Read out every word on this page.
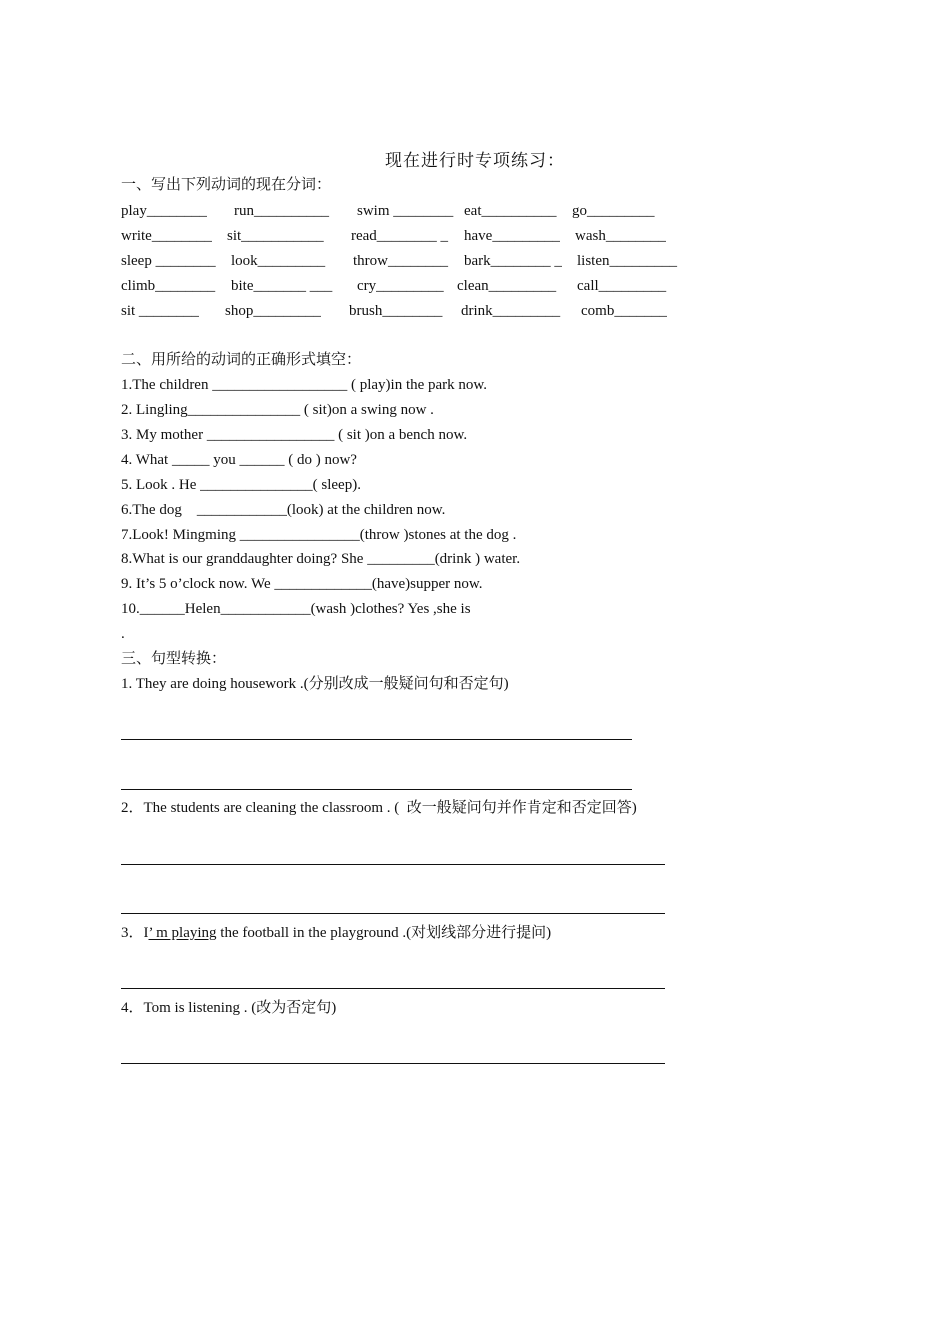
现在进行时专项练习：
一、写出下列动词的现在分词：
play________ run__________ swim ________ eat__________ go_________
write________ sit___________ read________ _ have_________ wash________
sleep ________ look_________ throw________ bark________ _ listen_________
climb________ bite_______ ___ cry_________ clean_________ call_________
sit ________ shop_________ brush________ drink_________ comb_______
二、用所给的动词的正确形式填空：
1.The children __________________ ( play)in the park now.
2. Lingling_______________ ( sit)on a swing now .
3. My mother _________________ ( sit )on a bench now.
4. What _____ you ______ ( do ) now?
5. Look . He _______________( sleep).
6.The dog    ____________(look) at the children now.
7.Look! Mingming ________________(throw )stones at the dog .
8.What is our granddaughter doing? She _________(drink ) water.
9. It’s 5 o’clock now. We _____________(have)supper now.
10.______Helen____________(wash )clothes? Yes ,she is
.
三、句型转换：
1. They are doing housework .(分别改成一般疑问句和否定句)
2．The students are cleaning the classroom . (  改一般疑问句并作肯定和否定回答)
3．I’ m playing the football in the playground .(对划线部分进行提问)
4．Tom is listening . (改为否定句)
